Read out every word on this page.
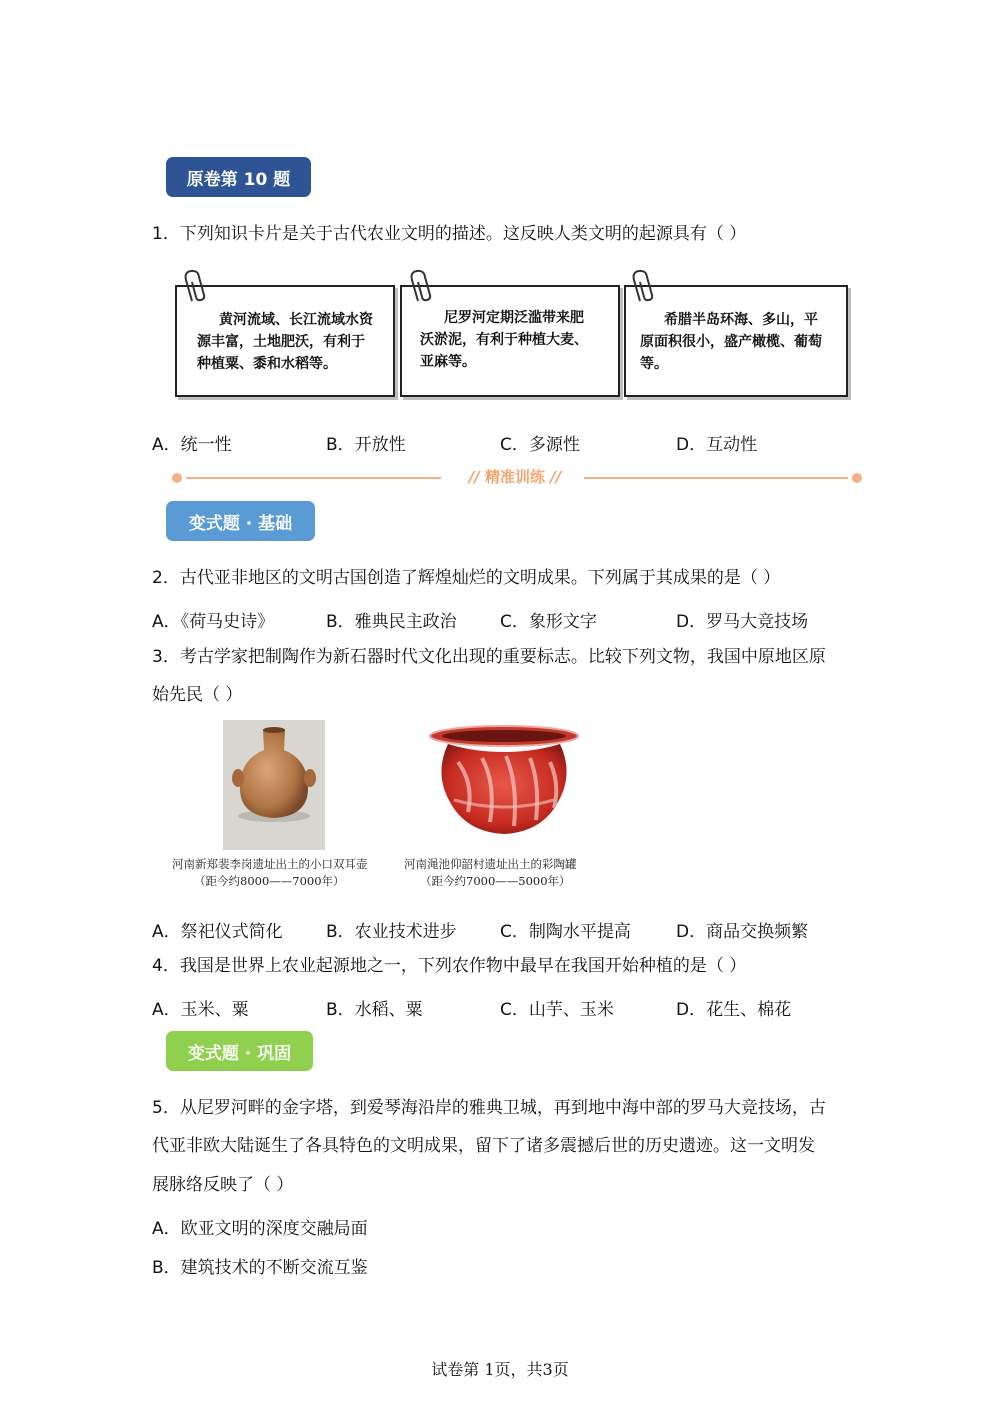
原卷第 10 题
1．下列知识卡片是关于古代农业文明的描述。这反映人类文明的起源具有（ ）
黄河流域、长江流域水资
源丰富，土地肥沃，有利于
种植粟、黍和水稻等。
尼罗河定期泛滥带来肥
沃淤泥，有利于种植大麦、
亚麻等。
希腊半岛环海、多山，平
原面积很小，盛产橄榄、葡萄
等。
A．统一性	B．开放性	C．多源性	D．互动性
// 精准训练 //
变式题 · 基础
2．古代亚非地区的文明古国创造了辉煌灿烂的文明成果。下列属于其成果的是（ ）
A．《荷马史诗》	B．雅典民主政治	C．象形文字	D．罗马大竞技场
3．考古学家把制陶作为新石器时代文化出现的重要标志。比较下列文物，我国中原地区原
始先民（ ）
河南新郑裴李岗遗址出土的小口双耳壶
（距今约8000——7000年）
河南渑池仰韶村遗址出土的彩陶罐
（距今约7000——5000年）
A．祭祀仪式简化	B．农业技术进步	C．制陶水平提高	D．商品交换频繁
4．我国是世界上农业起源地之一，下列农作物中最早在我国开始种植的是（ ）
A．玉米、粟	B．水稻、粟	C．山芋、玉米	D．花生、棉花
变式题 · 巩固
5．从尼罗河畔的金字塔，到爱琴海沿岸的雅典卫城，再到地中海中部的罗马大竞技场，古
代亚非欧大陆诞生了各具特色的文明成果，留下了诸多震撼后世的历史遗迹。这一文明发
展脉络反映了（ ）
A．欧亚文明的深度交融局面
B．建筑技术的不断交流互鉴
试卷第 1页，共3页
